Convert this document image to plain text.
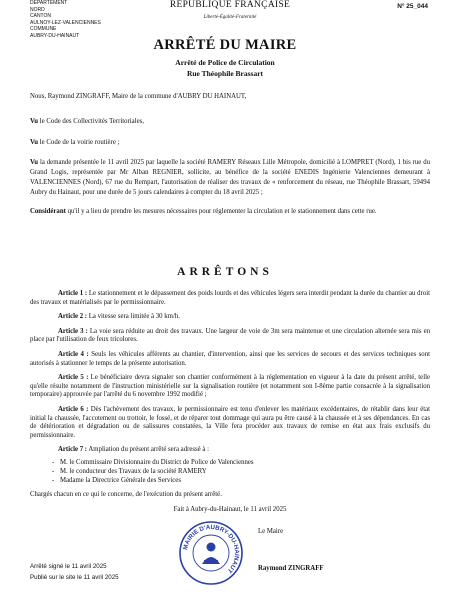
DÉPARTEMENT
NORD
CANTON
AULNOY-LEZ-VALENCIENNES
COMMUNE
AUBRY-DU-HAINAUT
RÉPUBLIQUE FRANÇAISE
Liberté-Égalité-Fraternité
N° 25_044
ARRÊTÉ DU MAIRE
Arrêté de Police de Circulation
Rue Théophile Brassart

Nous, Raymond ZINGRAFF, Maire de la commune d'AUBRY DU HAINAUT,

Vu le Code des Collectivités Territoriales,

Vu le Code de la voirie routière ;

Vu la demande présentée le 11 avril 2025 par laquelle la société RAMERY Réseaux Lille Métropole, domicilié à LOMPRET (Nord), 1 bis rue du Grand Logis, représentée par Mr Alban REGNIER, sollicite, au bénéfice de la société ENEDIS Ingénierie Valenciennes demeurant à VALENCIENNES (Nord), 67 rue du Rempart, l'autorisation de réaliser des travaux de « renforcement du réseau, rue Théophile Brassart, 59494 Aubry du Hainaut, pour une durée de 5 jours calendaires à compter du 18 avril 2025 ;

Considérant qu'il y a lieu de prendre les mesures nécessaires pour réglementer la circulation et le stationnement dans cette rue.

ARRÊTONS

Article 1 : Le stationnement et le dépassement des poids lourds et des véhicules légers sera interdit pendant la durée du chantier au droit des travaux et matérialisés par le permissionnaire.

Article 2 : La vitesse sera limitée à 30 km/h.

Article 3 : La voie sera réduite au droit des travaux. Une largeur de voie de 3m sera maintenue et une circulation alternée sera mis en place par l'utilisation de feux tricolores.

Article 4 : Seuls les véhicules afférents au chantier, d'intervention, ainsi que les services de secours et des services techniques sont autorisés à stationner le temps de la présente autorisation.

Article 5 : Le bénéficiaire devra signaler son chantier conformément à la réglementation en vigueur à la date du présent arrêté, telle qu'elle résulte notamment de l'instruction ministérielle sur la signalisation routière (et notamment son I-8ème partie consacrée à la signalisation temporaire) approuvée par l'arrêté du 6 novembre 1992 modifié ;

Article 6 : Dès l'achèvement des travaux, le permissionnaire est tenu d'enlever les matériaux excédentaires, de rétablir dans leur état initial la chaussée, l'accotement ou trottoir, le fossé, et de réparer tout dommage qui aura pu être causé à la chaussée et à ses dépendances. En cas de détérioration et dégradation ou de salissures constatées, la Ville fera procéder aux travaux de remise en état aux frais exclusifs du permissionnaire.

Article 7 : Ampliation du présent arrêté sera adressé à :

- M. le Commissaire Divisionnaire du District de Police de Valenciennes
- M. le conducteur des Travaux de la société RAMERY
- Madame la Directrice Générale des Services

Chargés chacun en ce qui le concerne, de l'exécution du présent arrêté.

Fait à Aubry-du-Hainaut, le 11 avril 2025

MAIRIE D'AUBRY-DU-HAINAUT
Le Maire
Raymond ZINGRAFF
Arrêté signé le 11 avril 2025
Publié sur le site le 11 avril 2025
